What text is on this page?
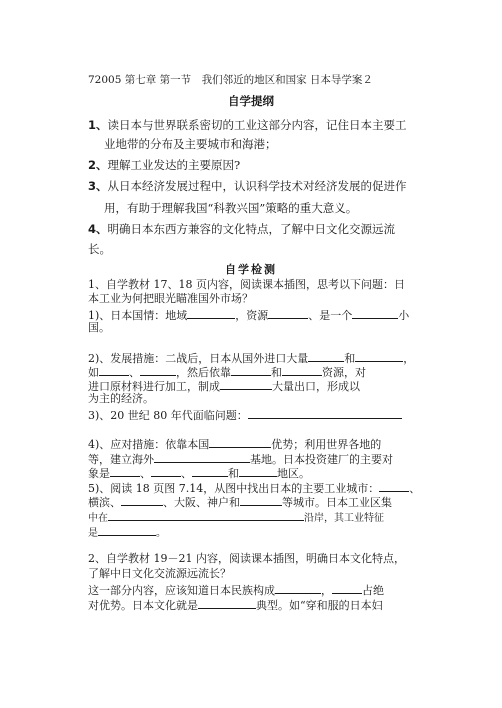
72005 第七章 第一节　我们邻近的地区和国家 日本导学案２
自学提纲
1、读日本与世界联系密切的工业这部分内容，记住日本主要工
业地带的分布及主要城市和海港；
2、理解工业发达的主要原因?
3、从日本经济发展过程中，认识科学技术对经济发展的促进作
用，有助于理解我国“科教兴国”策略的重大意义。
4、明确日本东西方兼容的文化特点，了解中日文化交源远流
长。
自学检测
1、自学教材 17、18 页内容，阅读课本插图，思考以下问题：日
本工业为何把眼光瞄准国外市场？
1)、日本国情：地域	，资源	、是一个	小
国。
2)、发展措施：二战后，日本从国外进口大量	和	，
如	、	，然后依靠	和	资源，对
进口原材料进行加工，制成	大量出口，形成以
为主的经济。
3)、20 世纪 80 年代面临问题：
4)、应对措施：依靠本国	优势；利用世界各地的
等，建立海外	基地。日本投资建厂的主要对
象是	、	、	和	地区。
5)、阅读 18 页图 7.14，从图中找出日本的主要工业城市：	、
横滨、	、大阪、神户和	等城市。日本工业区集
中在	沿岸，其工业特征
是	。
2、自学教材 19－21 内容，阅读课本插图，明确日本文化特点，
了解中日文化交流源远流长？
这一部分内容，应该知道日本民族构成	，	占绝
对优势。日本文化就是	典型。如“穿和服的日本妇
